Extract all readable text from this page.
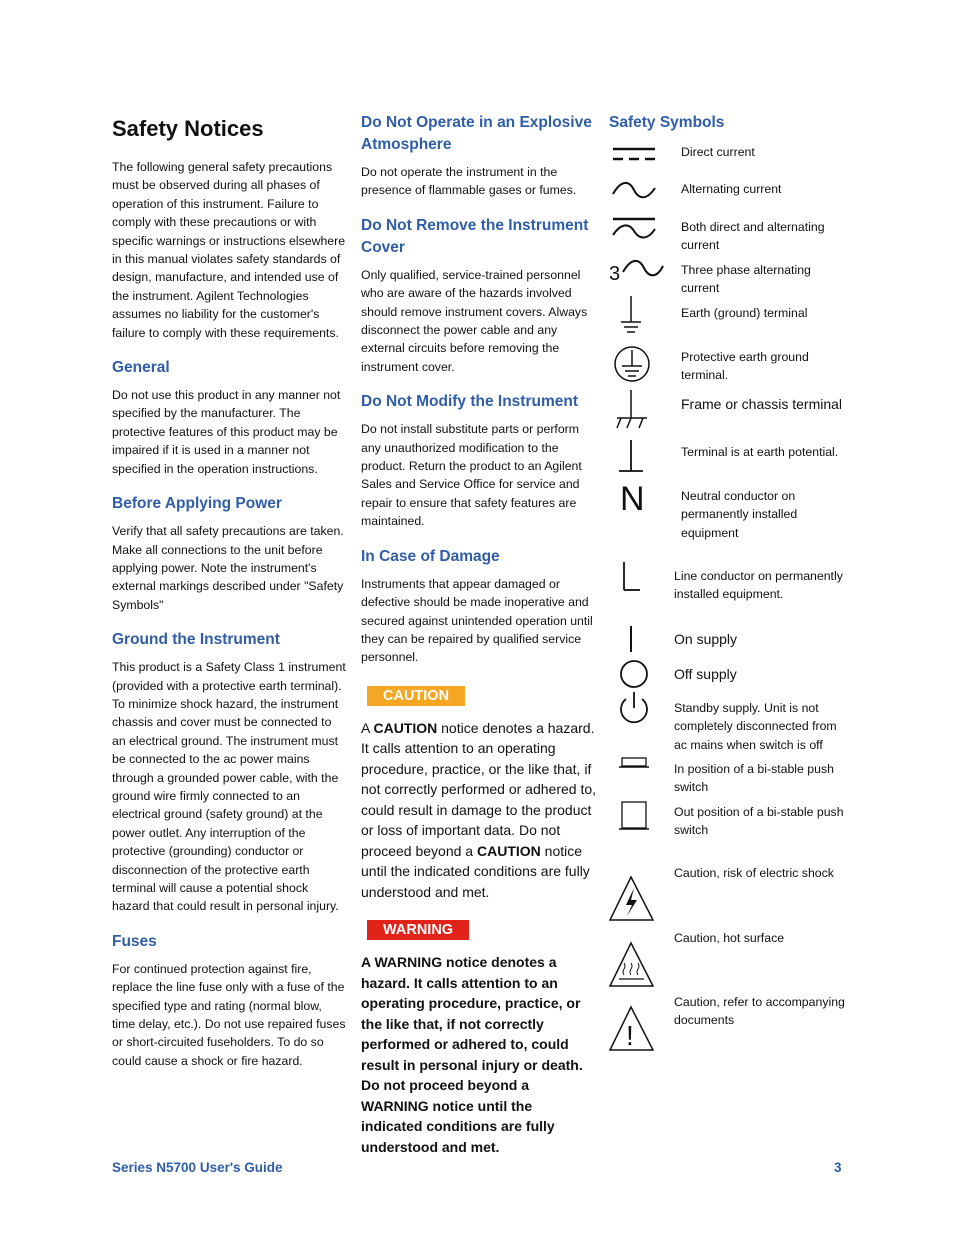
Safety Notices
The following general safety precautions must be observed during all phases of operation of this instrument. Failure to comply with these precautions or with specific warnings or instructions elsewhere in this manual violates safety standards of design, manufacture, and intended use of the instrument. Agilent Technologies assumes no liability for the customer's failure to comply with these requirements.
General
Do not use this product in any manner not specified by the manufacturer. The protective features of this product may be impaired if it is used in a manner not specified in the operation instructions.
Before Applying Power
Verify that all safety precautions are taken. Make all connections to the unit before applying power. Note the instrument's external markings described under "Safety Symbols"
Ground the Instrument
This product is a Safety Class 1 instrument (provided with a protective earth terminal). To minimize shock hazard, the instrument chassis and cover must be connected to an electrical ground. The instrument must be connected to the ac power mains through a grounded power cable, with the ground wire firmly connected to an electrical ground (safety ground) at the power outlet. Any interruption of the protective (grounding) conductor or disconnection of the protective earth terminal will cause a potential shock hazard that could result in personal injury.
Fuses
For continued protection against fire, replace the line fuse only with a fuse of the specified type and rating (normal blow, time delay, etc.). Do not use repaired fuses or short-circuited fuseholders. To do so could cause a shock or fire hazard.
Do Not Operate in an Explosive Atmosphere
Do not operate the instrument in the presence of flammable gases or fumes.
Do Not Remove the Instrument Cover
Only qualified, service-trained personnel who are aware of the hazards involved should remove instrument covers. Always disconnect the power cable and any external circuits before removing the instrument cover.
Do Not Modify the Instrument
Do not install substitute parts or perform any unauthorized modification to the product. Return the product to an Agilent Sales and Service Office for service and repair to ensure that safety features are maintained.
In Case of Damage
Instruments that appear damaged or defective should be made inoperative and secured against unintended operation until they can be repaired by qualified service personnel.
CAUTION
A CAUTION notice denotes a hazard. It calls attention to an operating procedure, practice, or the like that, if not correctly performed or adhered to, could result in damage to the product or loss of important data. Do not proceed beyond a CAUTION notice until the indicated conditions are fully understood and met.
WARNING
A WARNING notice denotes a hazard. It calls attention to an operating procedure, practice, or the like that, if not correctly performed or adhered to, could result in personal injury or death. Do not proceed beyond a WARNING notice until the indicated conditions are fully understood and met.
Safety Symbols
Direct current
Alternating current
Both direct and alternating current
3	Three phase alternating current
Earth (ground) terminal
Protective earth ground terminal.
Frame or chassis terminal
Terminal is at earth potential.
N	Neutral conductor on permanently installed equipment
Line conductor on permanently installed equipment.
On supply
Off supply
Standby supply. Unit is not completely disconnected from ac mains when switch is off
In position of a bi-stable push switch
Out position of a bi-stable push switch
Caution, risk of electric shock
Caution, hot surface
!
Caution, refer to accompanying documents
Series N5700 User's Guide	3
